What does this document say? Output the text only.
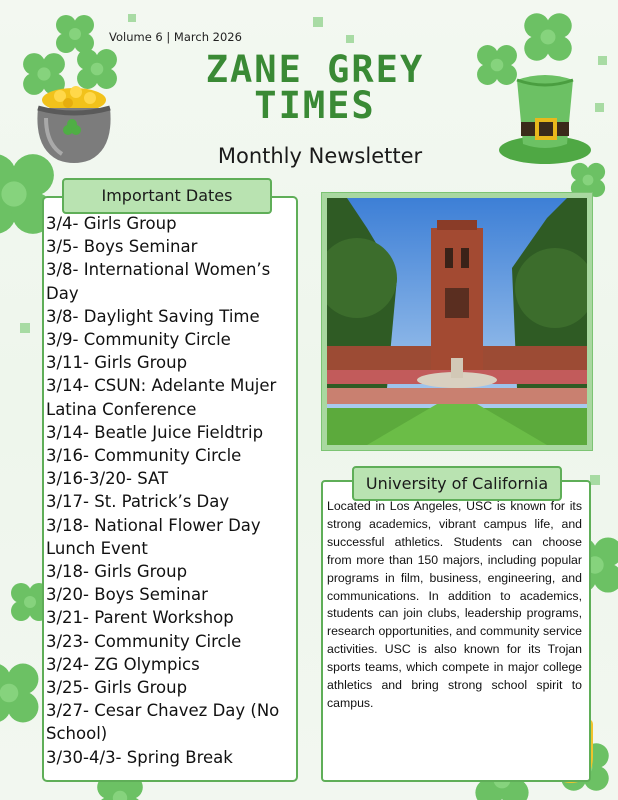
Volume 6 | March 2026
ZANE GREY
TIMES
Monthly Newsletter
Important Dates
3/4- Girls Group
3/5- Boys Seminar
3/8- International Women’s Day
3/8- Daylight Saving Time
3/9- Community Circle
3/11- Girls Group
3/14- CSUN: Adelante Mujer Latina Conference
3/14- Beatle Juice Fieldtrip
3/16- Community Circle
3/16-3/20- SAT
3/17- St. Patrick’s Day
3/18- National Flower Day Lunch Event
3/18- Girls Group
3/20- Boys Seminar
3/21- Parent Workshop
3/23- Community Circle
3/24- ZG Olympics
3/25- Girls Group
3/27- Cesar Chavez Day (No School)
3/30-4/3- Spring Break
University of California

Located in Los Angeles, USC is known for its strong academics, vibrant campus life, and successful athletics. Students can choose from more than 150 majors, including popular programs in film, business, engineering, and communications. In addition to academics, students can join clubs, leadership programs, research opportunities, and community service activities. USC is also known for its Trojan sports teams, which compete in major college athletics and bring strong school spirit to campus.
